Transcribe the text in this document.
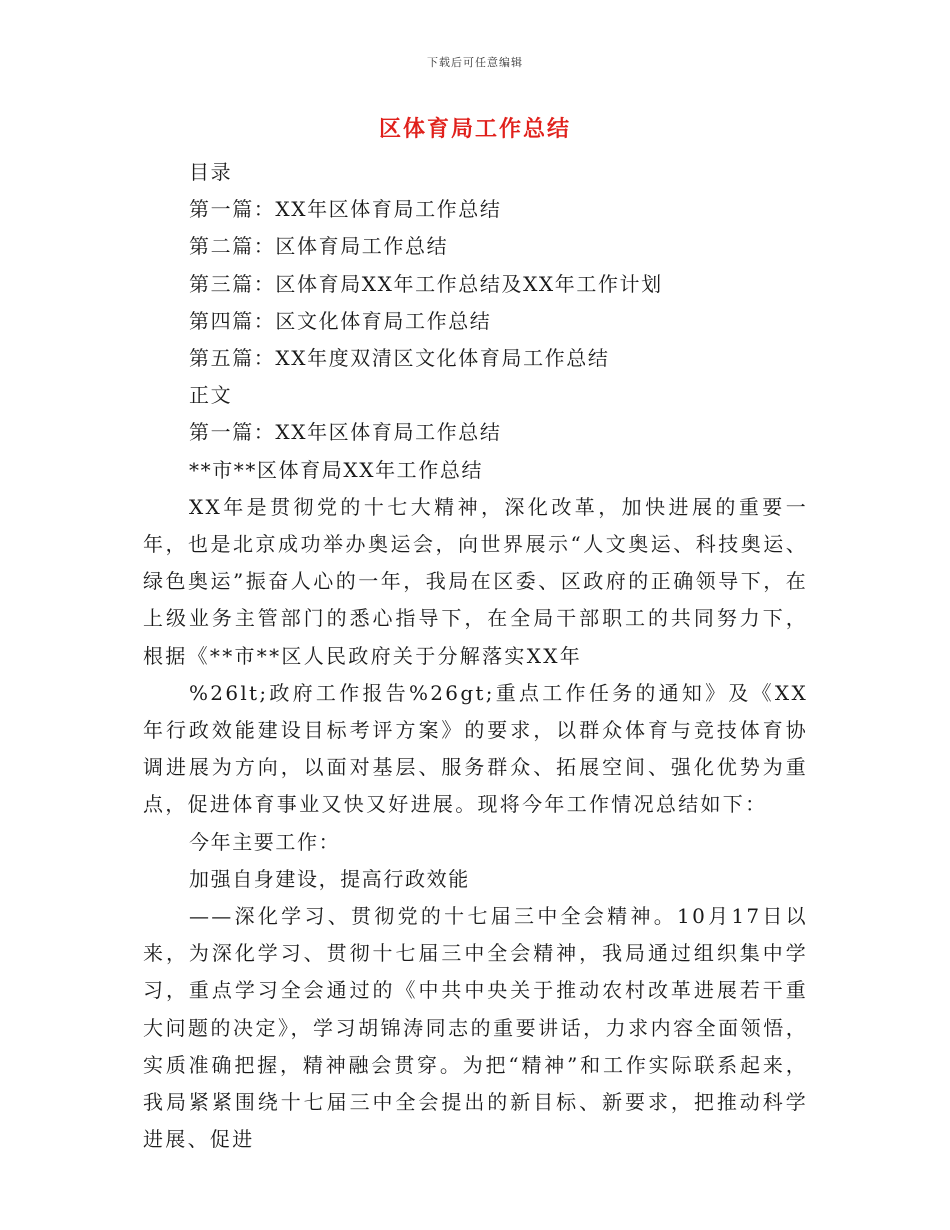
下载后可任意编辑
区体育局工作总结
目录
第一篇：XX年区体育局工作总结
第二篇：区体育局工作总结
第三篇：区体育局XX年工作总结及XX年工作计划
第四篇：区文化体育局工作总结
第五篇：XX年度双清区文化体育局工作总结
正文
第一篇：XX年区体育局工作总结
**市**区体育局XX年工作总结
XX年是贯彻党的十七大精神，深化改革，加快进展的重要一年，也是北京成功举办奥运会，向世界展示“人文奥运、科技奥运、绿色奥运”振奋人心的一年，我局在区委、区政府的正确领导下，在上级业务主管部门的悉心指导下，在全局干部职工的共同努力下，根据《**市**区人民政府关于分解落实XX年
%26lt;政府工作报告%26gt;重点工作任务的通知》及《XX年行政效能建设目标考评方案》的要求，以群众体育与竞技体育协调进展为方向，以面对基层、服务群众、拓展空间、强化优势为重点，促进体育事业又快又好进展。现将今年工作情况总结如下：
今年主要工作：
加强自身建设，提高行政效能
——深化学习、贯彻党的十七届三中全会精神。10月17日以来，为深化学习、贯彻十七届三中全会精神，我局通过组织集中学习，重点学习全会通过的《中共中央关于推动农村改革进展若干重大问题的决定》，学习胡锦涛同志的重要讲话，力求内容全面领悟，实质准确把握，精神融会贯穿。为把“精神”和工作实际联系起来，我局紧紧围绕十七届三中全会提出的新目标、新要求，把推动科学进展、促进
